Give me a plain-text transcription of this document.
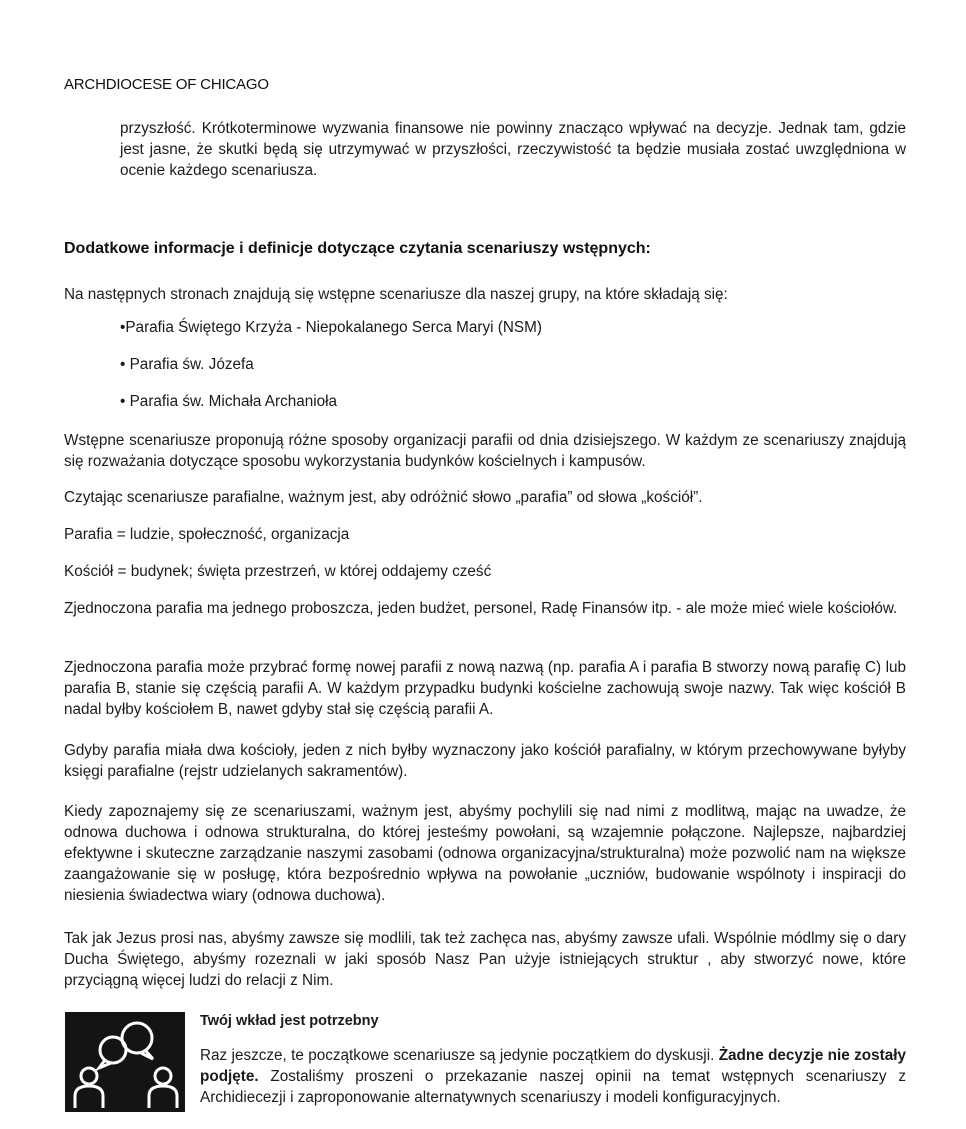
ARCHDIOCESE OF CHICAGO

przyszłość. Krótkoterminowe wyzwania finansowe nie powinny znacząco wpływać na decyzje. Jednak tam, gdzie jest jasne, że skutki będą się utrzymywać w przyszłości, rzeczywistość ta będzie musiała zostać uwzględniona w ocenie każdego scenariusza.

Dodatkowe informacje i definicje dotyczące czytania scenariuszy wstępnych:

Na następnych stronach znajdują się wstępne scenariusze dla naszej grupy, na które składają się:

•Parafia Świętego Krzyża - Niepokalanego Serca Maryi (NSM)
• Parafia św. Józefa
• Parafia św. Michała Archanioła

Wstępne scenariusze proponują różne sposoby organizacji parafii od dnia dzisiejszego. W każdym ze scenariuszy znajdują się rozważania dotyczące sposobu wykorzystania budynków kościelnych i kampusów.

Czytając scenariusze parafialne, ważnym jest, aby odróżnić słowo „parafia” od słowa „kościół”.

Parafia = ludzie, społeczność, organizacja

Kościół = budynek; święta przestrzeń, w której oddajemy cześć

Zjednoczona parafia ma jednego proboszcza, jeden budżet, personel, Radę Finansów itp. - ale może mieć wiele kościołów.

Zjednoczona parafia może przybrać formę nowej parafii z nową nazwą (np. parafia A i parafia B stworzy nową parafię C) lub parafia B, stanie się częścią parafii A. W każdym przypadku budynki kościelne zachowują swoje nazwy. Tak więc kościół B nadal byłby kościołem B, nawet gdyby stał się częścią parafii A.

Gdyby parafia miała dwa kościoły, jeden z nich byłby wyznaczony jako kościół parafialny, w którym przechowywane byłyby księgi parafialne (rejstr udzielanych sakramentów).

Kiedy zapoznajemy się ze scenariuszami, ważnym jest, abyśmy pochylili się nad nimi z modlitwą, mając na uwadze, że odnowa duchowa i odnowa strukturalna, do której jesteśmy powołani, są wzajemnie połączone. Najlepsze, najbardziej efektywne i skuteczne zarządzanie naszymi zasobami (odnowa organizacyjna/strukturalna) może pozwolić nam na większe zaangażowanie się w posługę, która bezpośrednio wpływa na powołanie „uczniów, budowanie wspólnoty i inspiracji do niesienia świadectwa wiary (odnowa duchowa).

Tak jak Jezus prosi nas, abyśmy zawsze się modlili, tak też zachęca nas, abyśmy zawsze ufali. Wspólnie módlmy się o dary Ducha Świętego, abyśmy rozeznali w jaki sposób Nasz Pan użyje istniejących struktur , aby stworzyć nowe, które przyciągną więcej ludzi do relacji z Nim.

Twój wkład jest potrzebny

Raz jeszcze, te początkowe scenariusze są jedynie początkiem do dyskusji. Żadne decyzje nie zostały podjęte. Zostaliśmy proszeni o przekazanie naszej opinii na temat wstępnych scenariuszy z Archidiecezji i zaproponowanie alternatywnych scenariuszy i modeli konfiguracyjnych.
